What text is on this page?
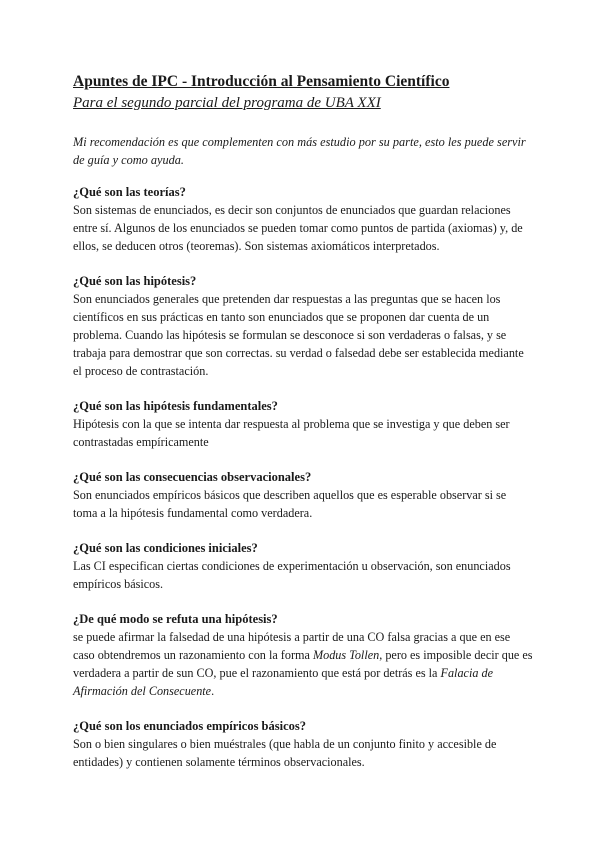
Apuntes de IPC - Introducción al Pensamiento Científico
Para el segundo parcial del programa de UBA XXI

Mi recomendación es que complementen con más estudio por su parte, esto les puede servir de guía y como ayuda.

¿Qué son las teorías?

Son sistemas de enunciados, es decir son conjuntos de enunciados que guardan relaciones entre sí. Algunos de los enunciados se pueden tomar como puntos de partida (axiomas) y, de ellos, se deducen otros (teoremas). Son sistemas axiomáticos interpretados.

¿Qué son las hipótesis?

Son enunciados generales que pretenden dar respuestas a las preguntas que se hacen los científicos en sus prácticas en tanto son enunciados que se proponen dar cuenta de un problema. Cuando las hipótesis se formulan se desconoce si son verdaderas o falsas, y se trabaja para demostrar que son correctas. su verdad o falsedad debe ser establecida mediante el proceso de contrastación.

¿Qué son las hipótesis fundamentales?

Hipótesis con la que se intenta dar respuesta al problema que se investiga y que deben ser contrastadas empíricamente

¿Qué son las consecuencias observacionales?

Son enunciados empíricos básicos que describen aquellos que es esperable observar si se toma a la hipótesis fundamental como verdadera.

¿Qué son las condiciones iniciales?

Las CI especifican ciertas condiciones de experimentación u observación, son enunciados empíricos básicos.

¿De qué modo se refuta una hipótesis?

se puede afirmar la falsedad de una hipótesis a partir de una CO falsa gracias a que en ese caso obtendremos un razonamiento con la forma Modus Tollen, pero es imposible decir que es verdadera a partir de sun CO, pue el razonamiento que está por detrás es la Falacia de Afirmación del Consecuente.

¿Qué son los enunciados empíricos básicos?

Son o bien singulares o bien muéstrales (que habla de un conjunto finito y accesible de entidades) y contienen solamente términos observacionales.
